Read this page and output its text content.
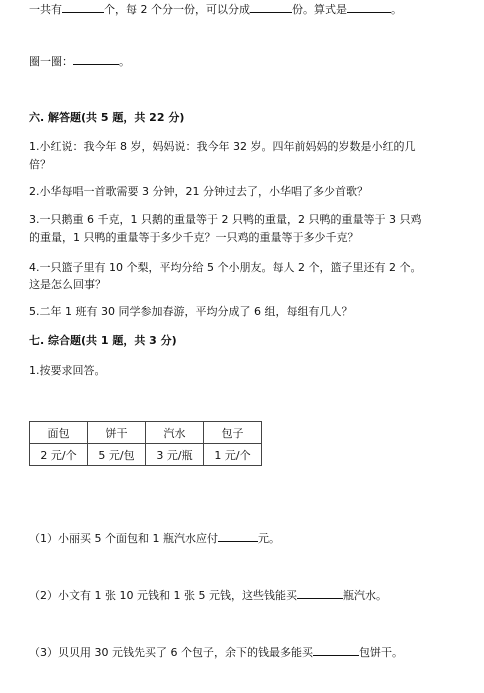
一共有	个，每 2 个分一份，可以分成	份。算式是	。
圈一圈：	。
六. 解答题(共 5 题，共 22 分)
1.小红说：我今年 8 岁，妈妈说：我今年 32 岁。四年前妈妈的岁数是小红的几
倍？
2.小华每唱一首歌需要 3 分钟，21 分钟过去了，小华唱了多少首歌？
3.一只鹅重 6 千克，1 只鹅的重量等于 2 只鸭的重量，2 只鸭的重量等于 3 只鸡
的重量，1 只鸭的重量等于多少千克？一只鸡的重量等于多少千克？
4.一只篮子里有 10 个梨，平均分给 5 个小朋友。每人 2 个，篮子里还有 2 个。
这是怎么回事？
5.二年 1 班有 30 同学参加春游，平均分成了 6 组，每组有几人？
七. 综合题(共 1 题，共 3 分)
1.按要求回答。
面包	饼干	汽水	包子
2 元/个	5 元/包	3 元/瓶	1 元/个
（1）小丽买 5 个面包和 1 瓶汽水应付	元。
（2）小文有 1 张 10 元钱和 1 张 5 元钱，这些钱能买	瓶汽水。
（3）贝贝用 30 元钱先买了 6 个包子，余下的钱最多能买	包饼干。
